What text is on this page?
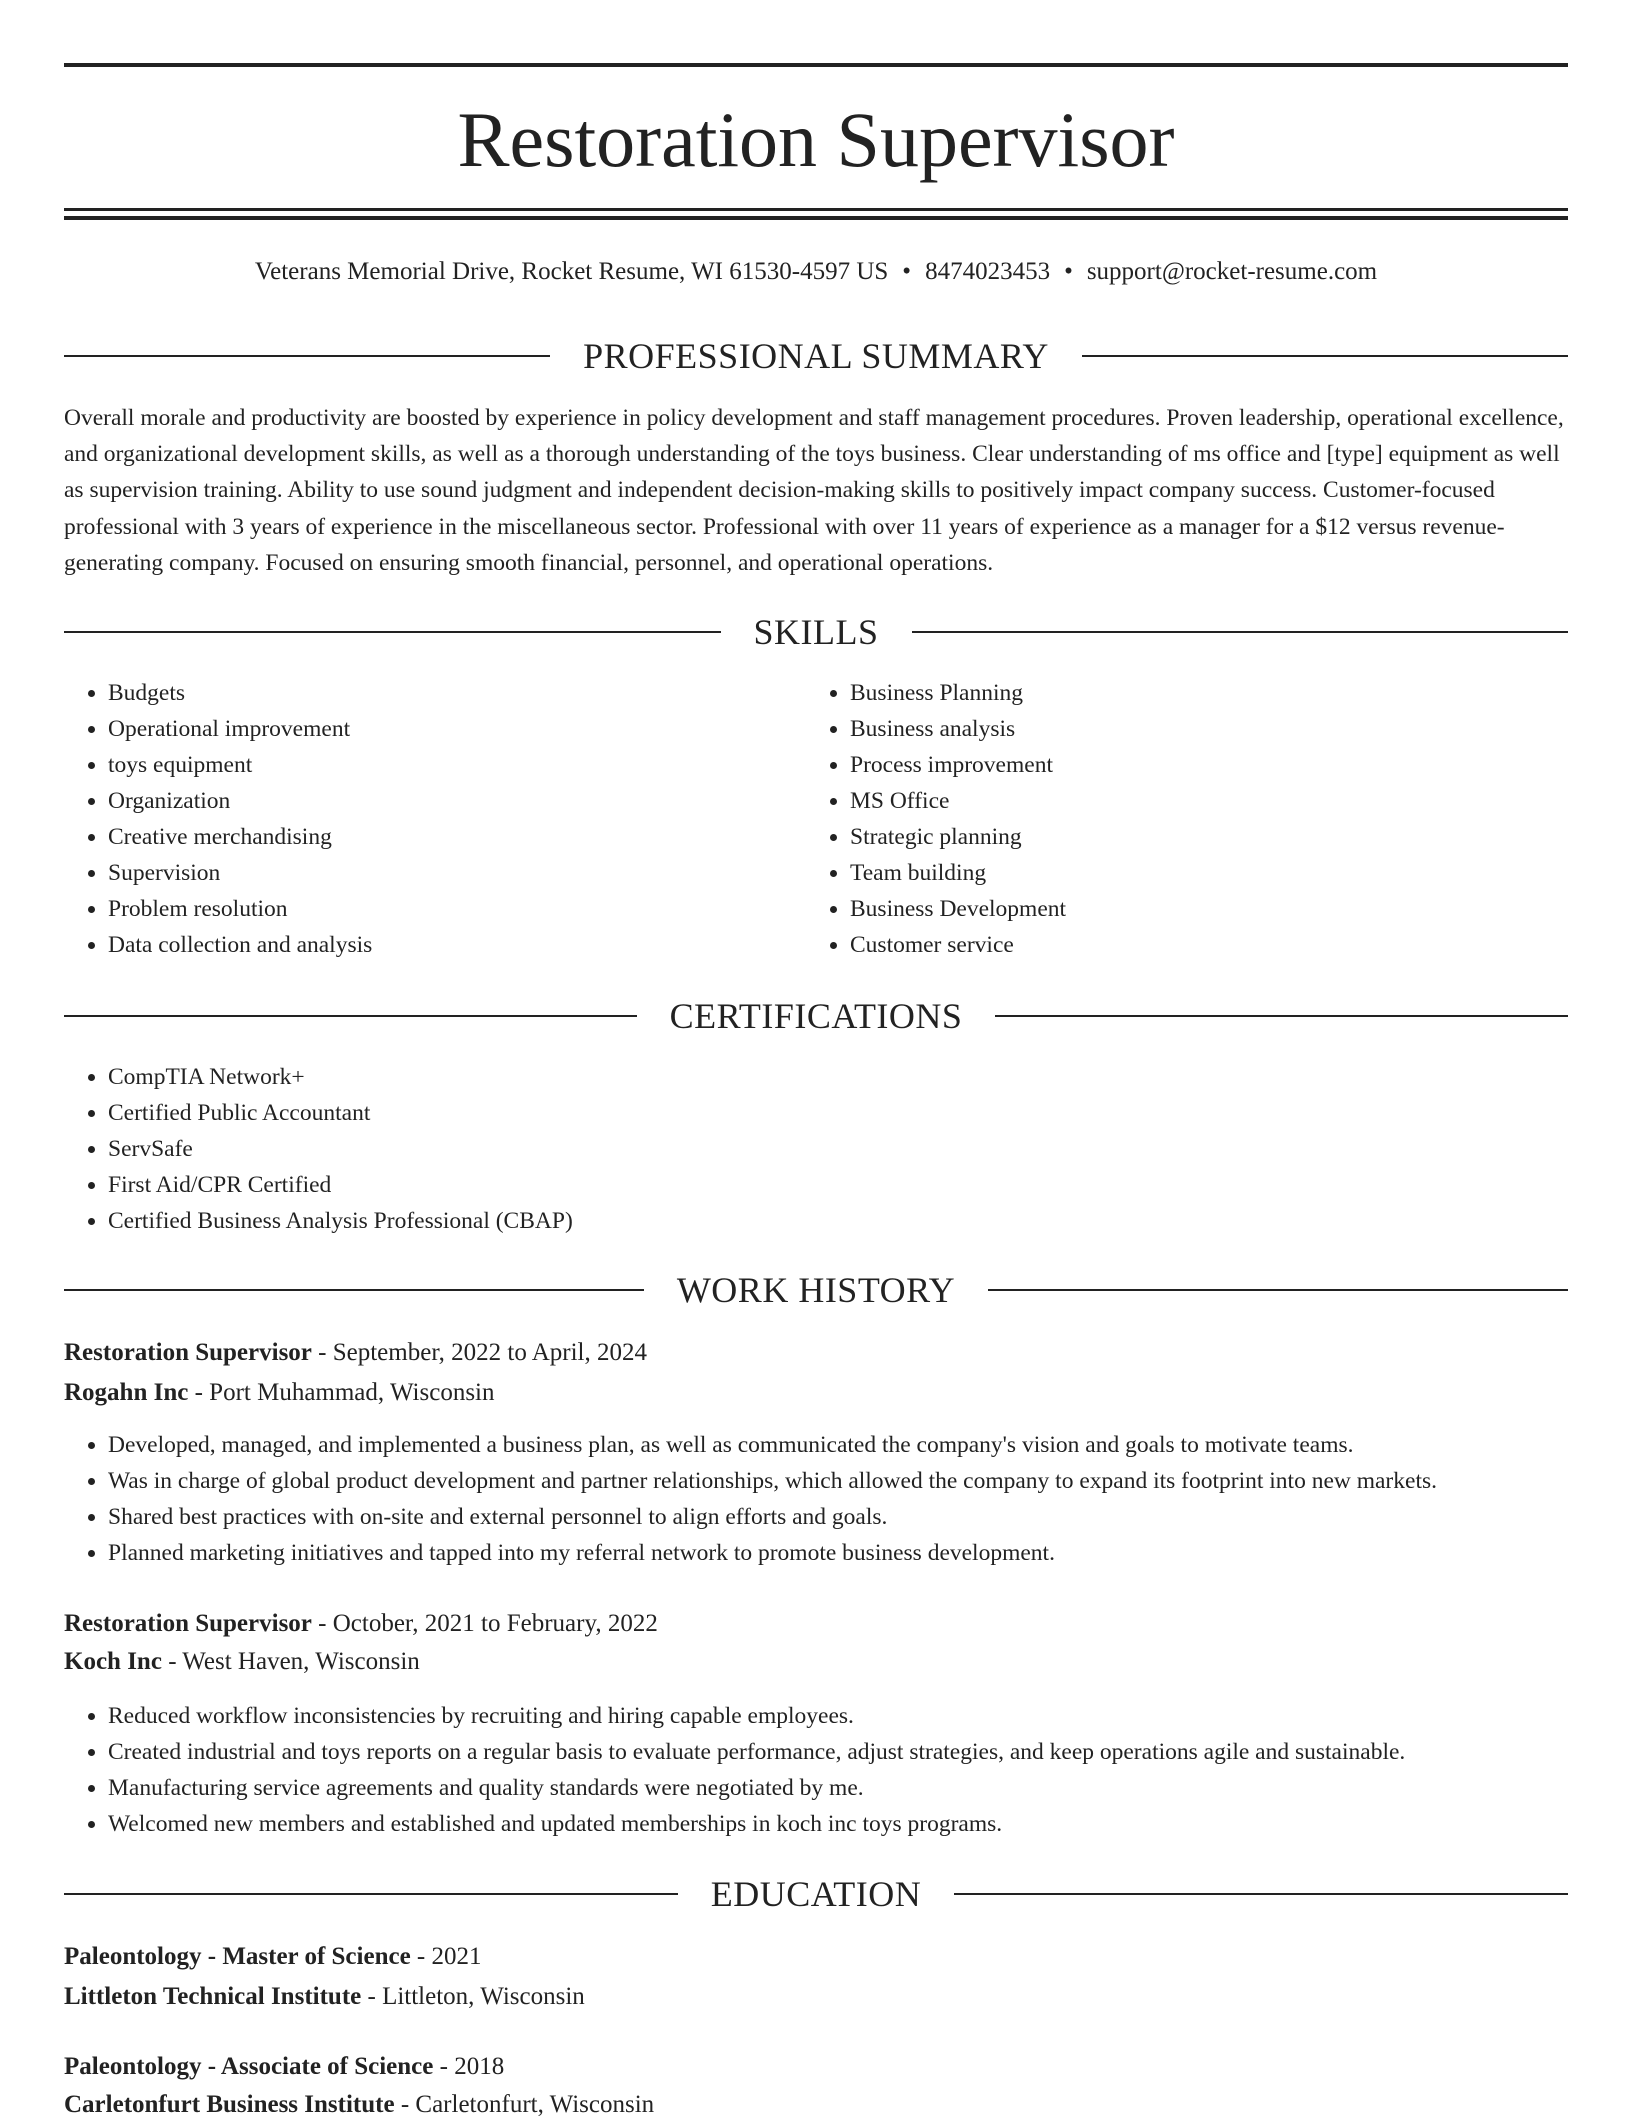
Restoration Supervisor
Veterans Memorial Drive, Rocket Resume, WI 61530-4597 US • 8474023453 • support@rocket-resume.com
PROFESSIONAL SUMMARY

Overall morale and productivity are boosted by experience in policy development and staff management procedures. Proven leadership, operational excellence, and organizational development skills, as well as a thorough understanding of the toys business. Clear understanding of ms office and [type] equipment as well as supervision training. Ability to use sound judgment and independent decision-making skills to positively impact company success. Customer-focused professional with 3 years of experience in the miscellaneous sector. Professional with over 11 years of experience as a manager for a $12 versus revenue-generating company. Focused on ensuring smooth financial, personnel, and operational operations.

SKILLS
• Budgets
• Operational improvement
• toys equipment
• Organization
• Creative merchandising
• Supervision
• Problem resolution
• Data collection and analysis
• Business Planning
• Business analysis
• Process improvement
• MS Office
• Strategic planning
• Team building
• Business Development
• Customer service
CERTIFICATIONS
• CompTIA Network+
• Certified Public Accountant
• ServSafe
• First Aid/CPR Certified
• Certified Business Analysis Professional (CBAP)
WORK HISTORY
Restoration Supervisor - September, 2022 to April, 2024
Rogahn Inc - Port Muhammad, Wisconsin
• Developed, managed, and implemented a business plan, as well as communicated the company's vision and goals to motivate teams.
• Was in charge of global product development and partner relationships, which allowed the company to expand its footprint into new markets.
• Shared best practices with on-site and external personnel to align efforts and goals.
• Planned marketing initiatives and tapped into my referral network to promote business development.
Restoration Supervisor - October, 2021 to February, 2022
Koch Inc - West Haven, Wisconsin
• Reduced workflow inconsistencies by recruiting and hiring capable employees.
• Created industrial and toys reports on a regular basis to evaluate performance, adjust strategies, and keep operations agile and sustainable.
• Manufacturing service agreements and quality standards were negotiated by me.
• Welcomed new members and established and updated memberships in koch inc toys programs.
EDUCATION
Paleontology - Master of Science - 2021
Littleton Technical Institute - Littleton, Wisconsin
Paleontology - Associate of Science - 2018
Carletonfurt Business Institute - Carletonfurt, Wisconsin
